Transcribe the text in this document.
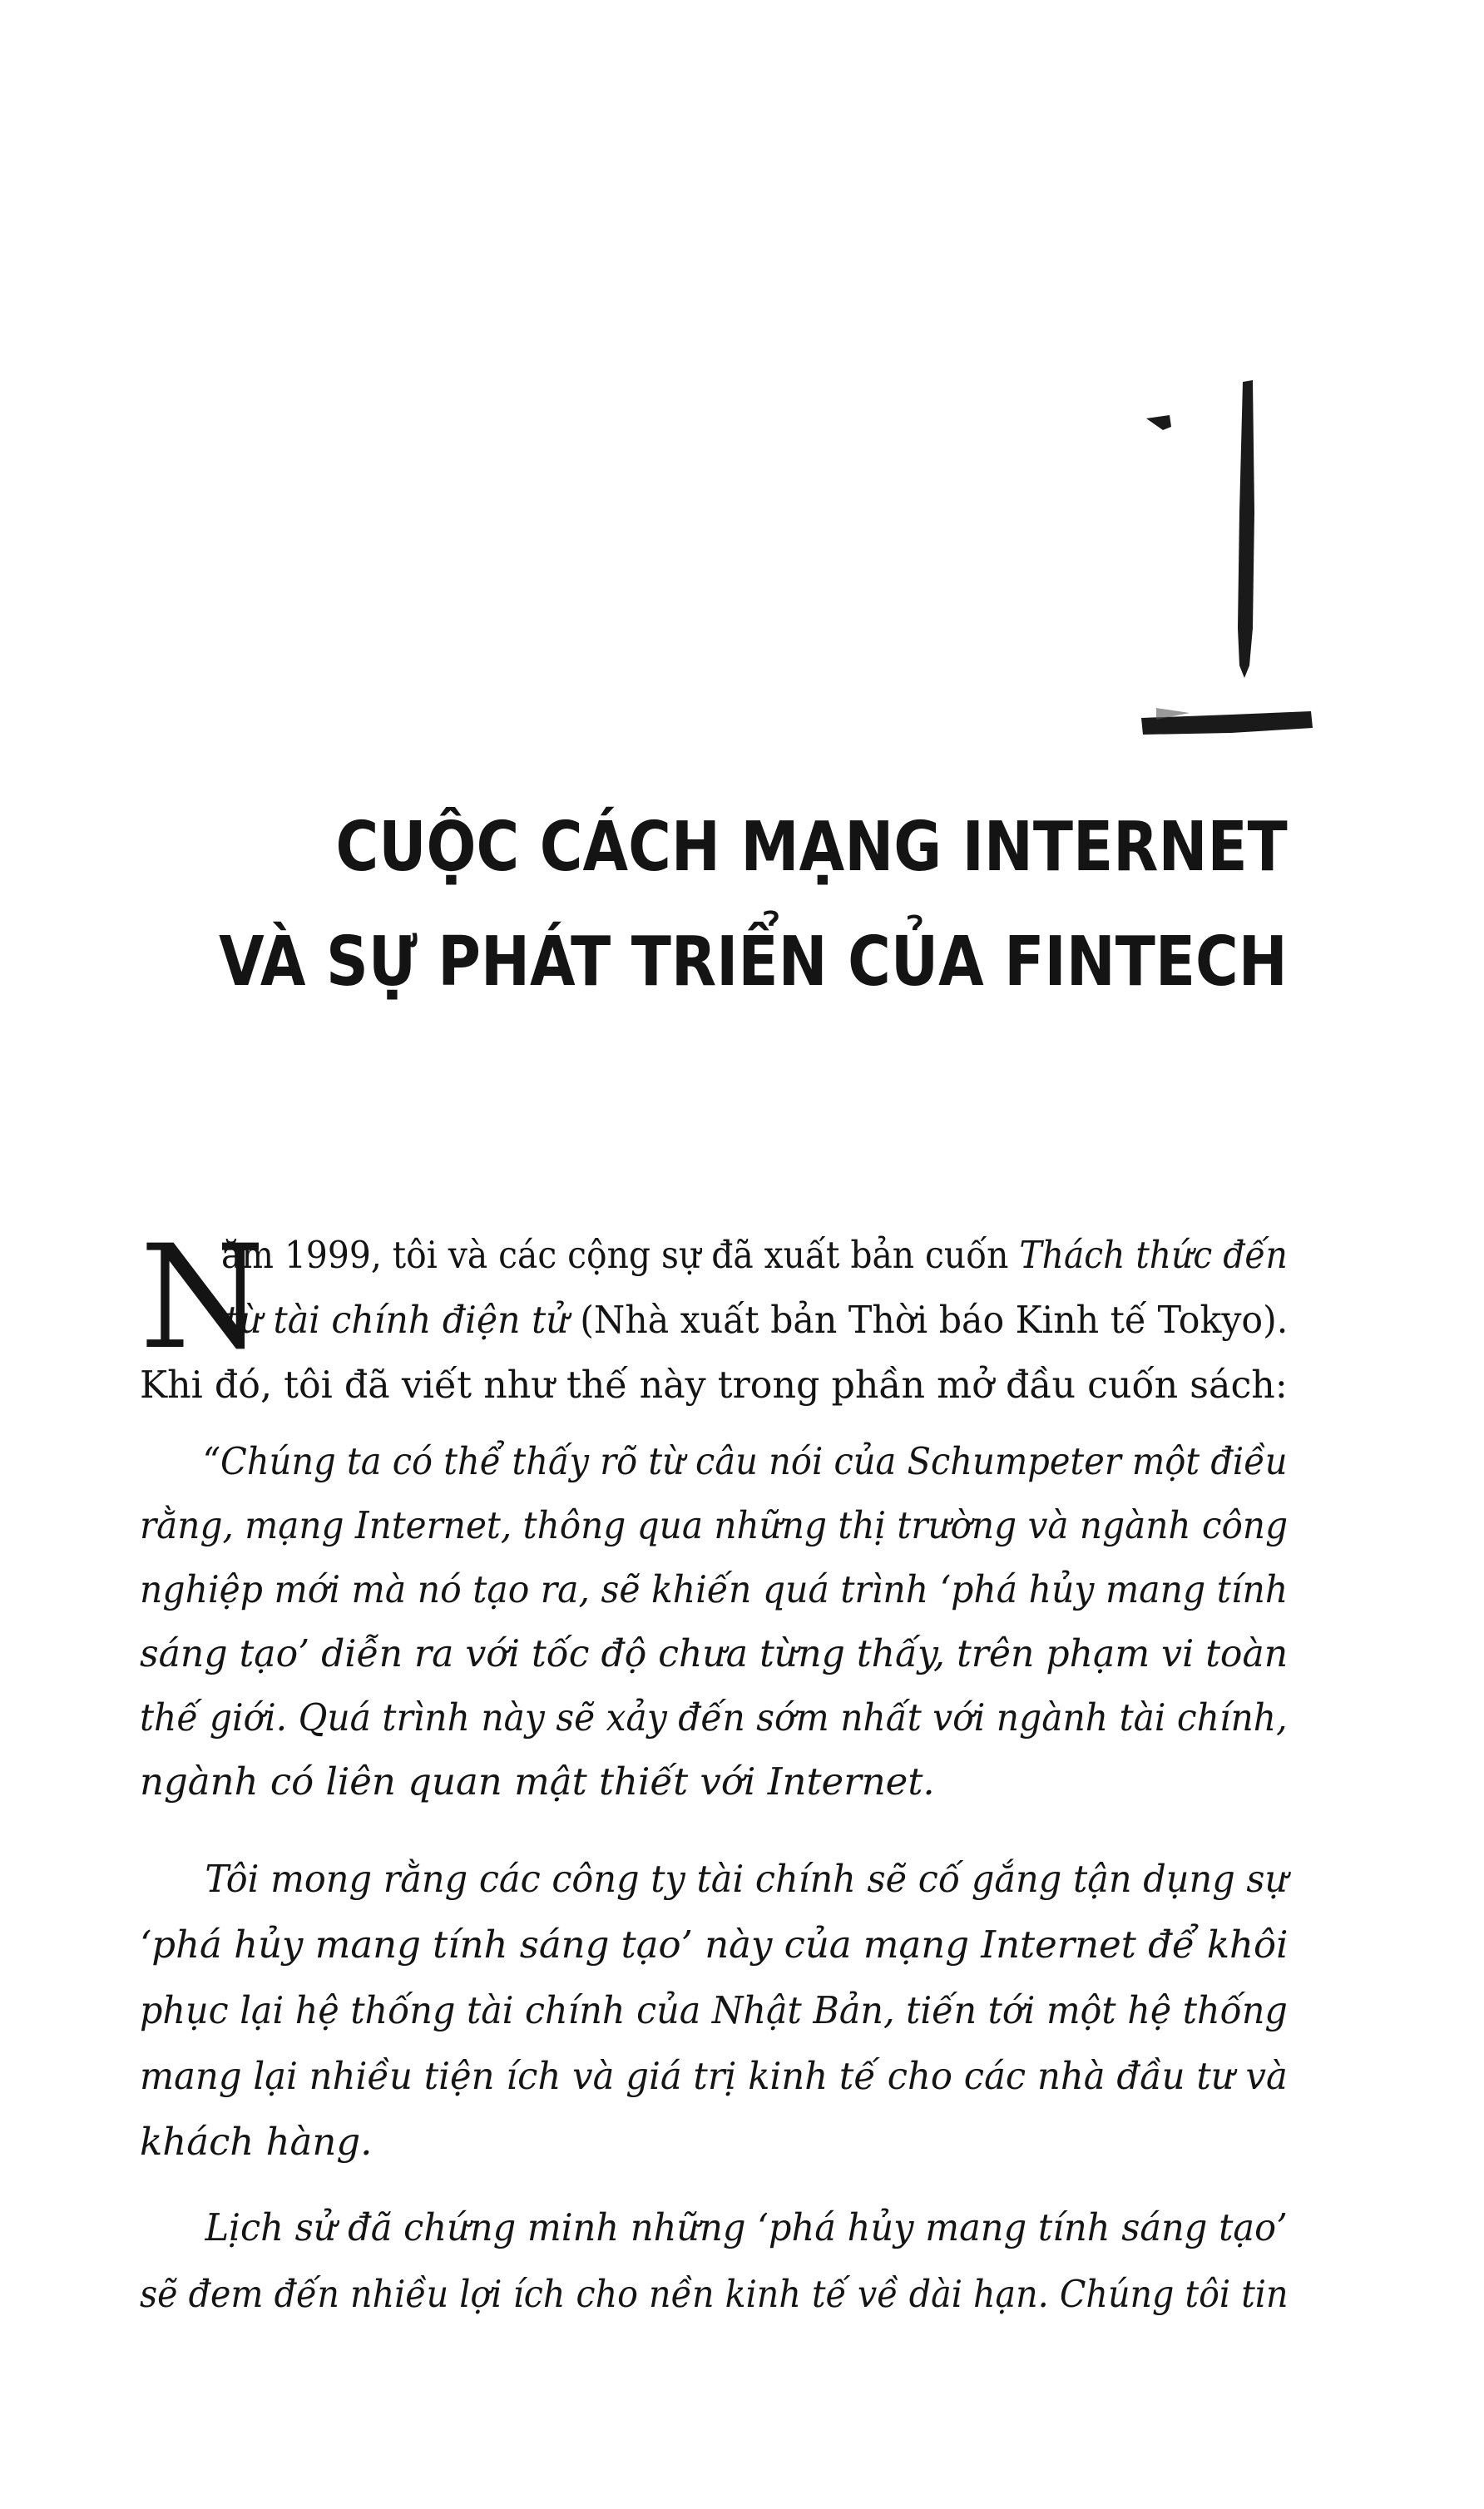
CUỘC CÁCH MẠNG INTERNET
VÀ SỰ PHÁT TRIỂN CỦA FINTECH
N
ăm 1999, tôi và các cộng sự đã xuất bản cuốn Thách thức đến
từ tài chính điện tử (Nhà xuất bản Thời báo Kinh tế Tokyo).
Khi đó, tôi đã viết như thế này trong phần mở đầu cuốn sách:
“Chúng ta có thể thấy rõ từ câu nói của Schumpeter một điều
rằng, mạng Internet, thông qua những thị trường và ngành công
nghiệp mới mà nó tạo ra, sẽ khiến quá trình ‘phá hủy mang tính
sáng tạo’ diễn ra với tốc độ chưa từng thấy, trên phạm vi toàn
thế giới. Quá trình này sẽ xảy đến sớm nhất với ngành tài chính,
ngành có liên quan mật thiết với Internet.
Tôi mong rằng các công ty tài chính sẽ cố gắng tận dụng sự
‘phá hủy mang tính sáng tạo’ này của mạng Internet để khôi
phục lại hệ thống tài chính của Nhật Bản, tiến tới một hệ thống
mang lại nhiều tiện ích và giá trị kinh tế cho các nhà đầu tư và
khách hàng.
Lịch sử đã chứng minh những ‘phá hủy mang tính sáng tạo’
sẽ đem đến nhiều lợi ích cho nền kinh tế về dài hạn. Chúng tôi tin
